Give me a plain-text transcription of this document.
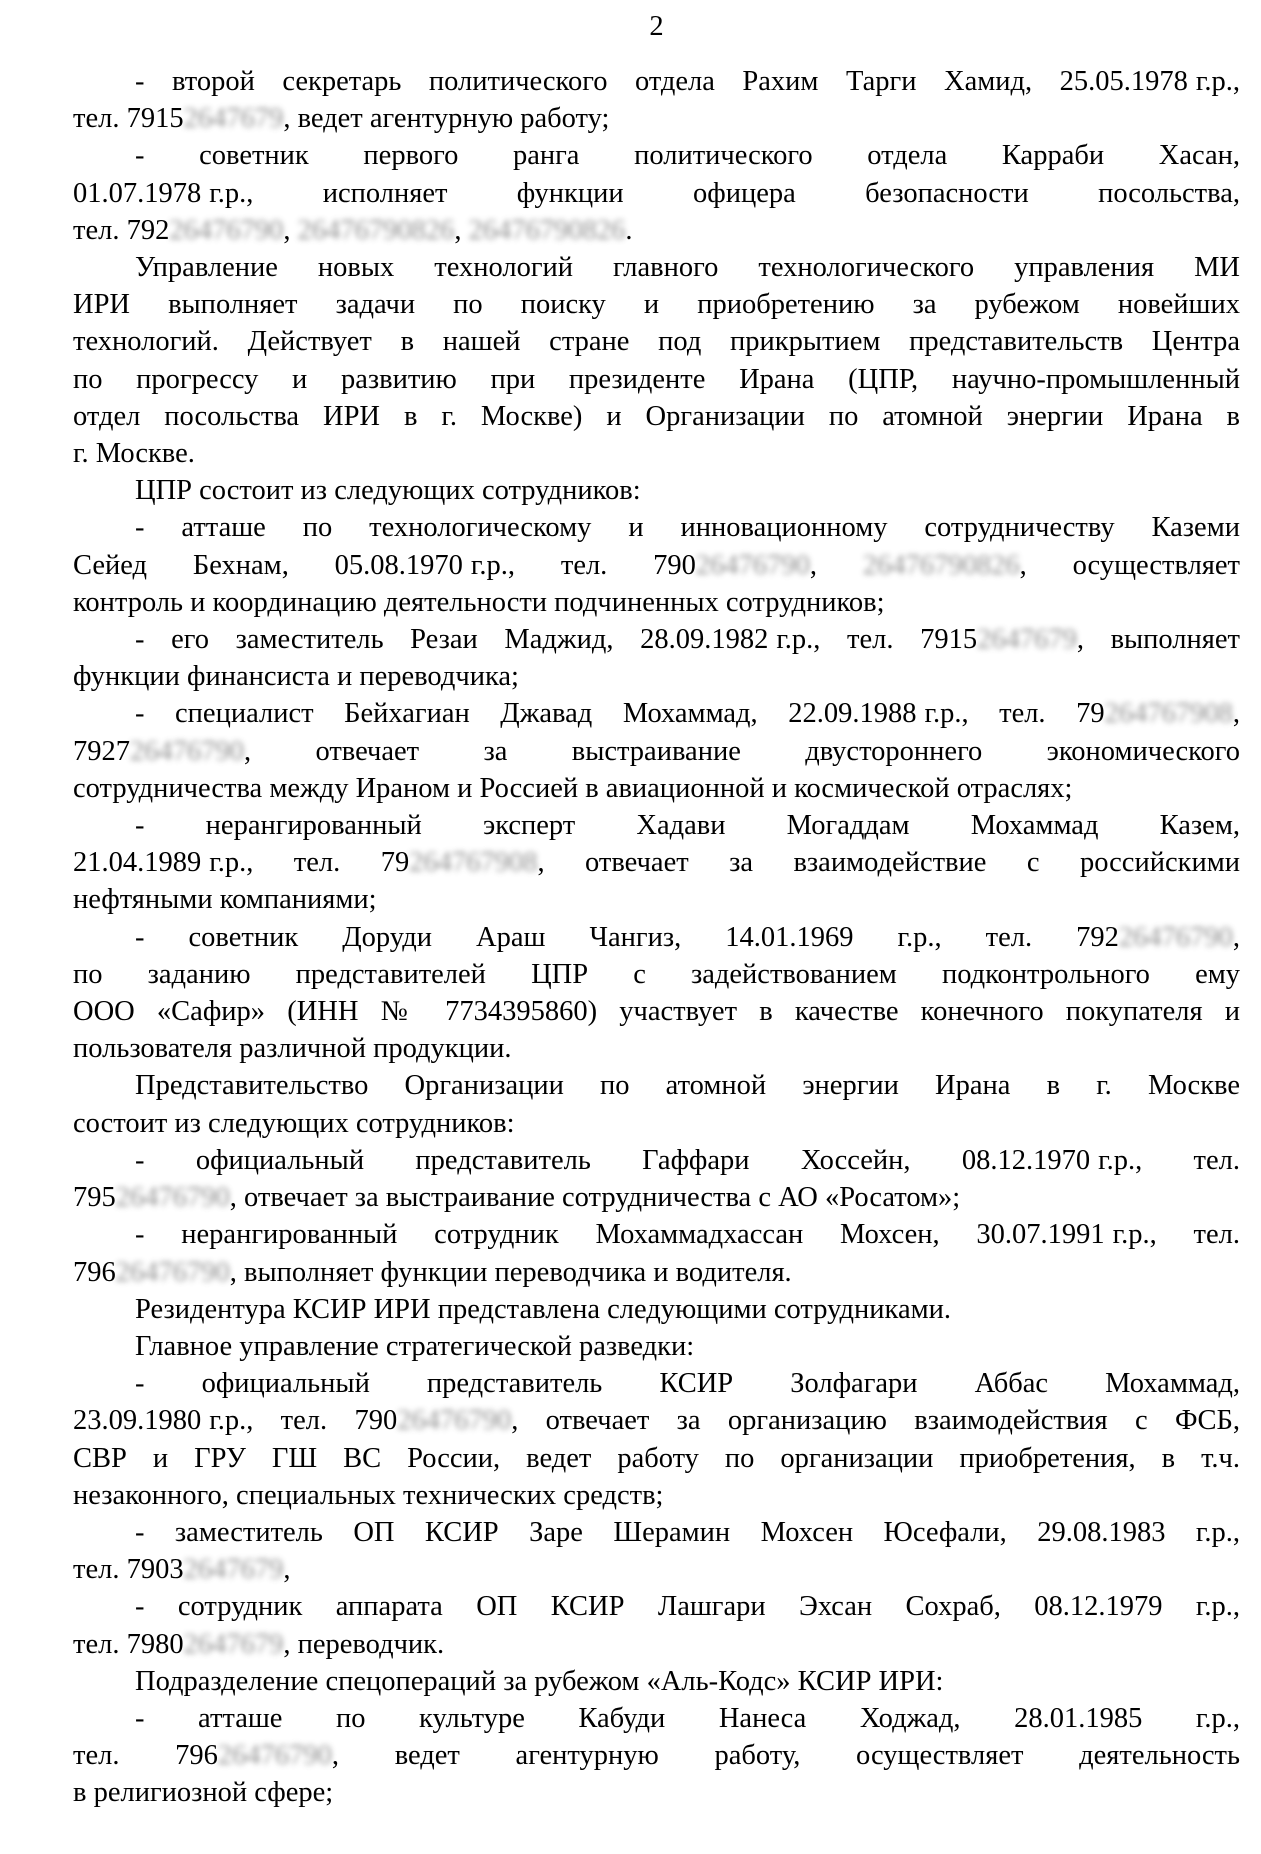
2
- второй секретарь политического отдела Рахим Тарги Хамид, 25.05.1978 г.р.,
тел. 79152647679, ведет агентурную работу;
- советник первого ранга политического отдела Карраби Хасан,
01.07.1978 г.р., исполняет функции офицера безопасности посольства,
тел. 79226476790, 26476790826, 26476790826.
Управление новых технологий главного технологического управления МИ
ИРИ выполняет задачи по поиску и приобретению за рубежом новейших
технологий. Действует в нашей стране под прикрытием представительств Центра
по прогрессу и развитию при президенте Ирана (ЦПР, научно-промышленный
отдел посольства ИРИ в г. Москве) и Организации по атомной энергии Ирана в
г. Москве.
ЦПР состоит из следующих сотрудников:
- атташе по технологическому и инновационному сотрудничеству Каземи
Сейед Бехнам, 05.08.1970 г.р., тел. 79026476790, 26476790826, осуществляет
контроль и координацию деятельности подчиненных сотрудников;
- его заместитель Резаи Маджид, 28.09.1982 г.р., тел. 79152647679, выполняет
функции финансиста и переводчика;
- специалист Бейхагиан Джавад Мохаммад, 22.09.1988 г.р., тел. 79264767908,
792726476790, отвечает за выстраивание двустороннего экономического
сотрудничества между Ираном и Россией в авиационной и космической отраслях;
- нерангированный эксперт Хадави Могаддам Мохаммад Казем,
21.04.1989 г.р., тел. 79264767908, отвечает за взаимодействие с российскими
нефтяными компаниями;
- советник Доруди Араш Чангиз, 14.01.1969 г.р., тел. 79226476790,
по заданию представителей ЦПР с задействованием подконтрольного ему
ООО «Сафир» (ИНН № 7734395860) участвует в качестве конечного покупателя и
пользователя различной продукции.
Представительство Организации по атомной энергии Ирана в г. Москве
состоит из следующих сотрудников:
- официальный представитель Гаффари Хоссейн, 08.12.1970 г.р., тел.
79526476790, отвечает за выстраивание сотрудничества с АО «Росатом»;
- нерангированный сотрудник Мохаммадхассан Мохсен, 30.07.1991 г.р., тел.
79626476790, выполняет функции переводчика и водителя.
Резидентура КСИР ИРИ представлена следующими сотрудниками.
Главное управление стратегической разведки:
- официальный представитель КСИР Золфагари Аббас Мохаммад,
23.09.1980 г.р., тел. 79026476790, отвечает за организацию взаимодействия с ФСБ,
СВР и ГРУ ГШ ВС России, ведет работу по организации приобретения, в т.ч.
незаконного, специальных технических средств;
- заместитель ОП КСИР Заре Шерамин Мохсен Юсефали, 29.08.1983 г.р.,
тел. 79032647679,
- сотрудник аппарата ОП КСИР Лашгари Эхсан Сохраб, 08.12.1979 г.р.,
тел. 79802647679, переводчик.
Подразделение спецопераций за рубежом «Аль-Кодс» КСИР ИРИ:
- атташе по культуре Кабуди Нанеса Ходжад, 28.01.1985 г.р.,
тел. 79626476790, ведет агентурную работу, осуществляет деятельность
в религиозной сфере;
